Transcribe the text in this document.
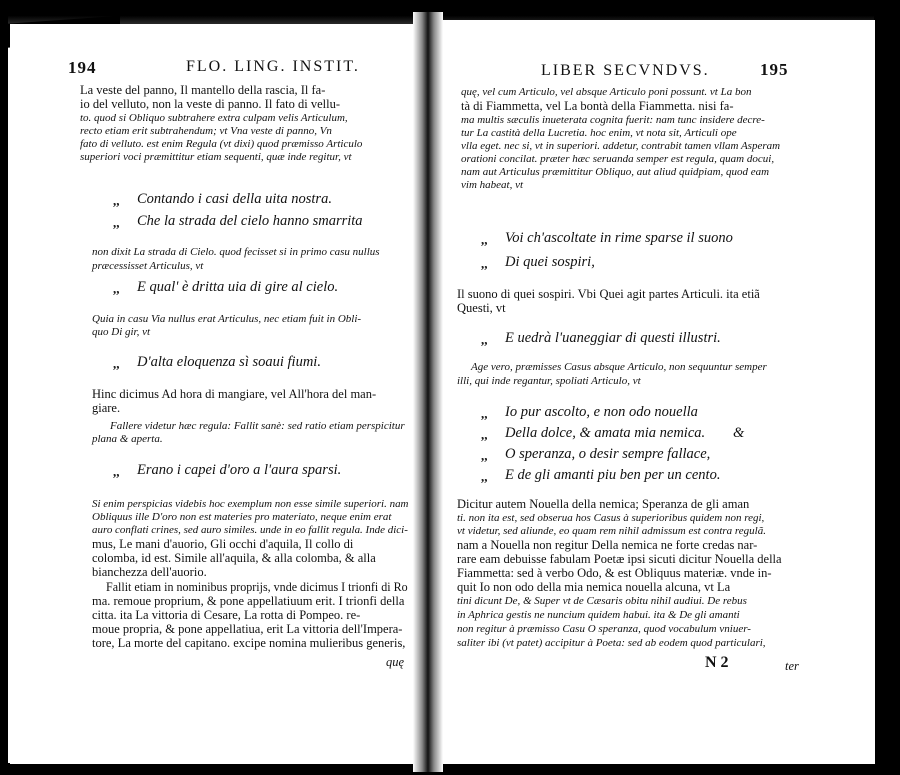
194	FLO. LING. INSTIT.
La veste del panno, Il mantello della rascia, Il fa-
io del velluto, non la veste di panno. Il fato di vellu-
to. quod si Obliquo subtrahere extra culpam velis Articulum,
recto etiam erit subtrahendum; vt Vna veste di panno, Vn
fato di velluto. est enim Regula (vt dixi) quod præmisso Articulo
superiori voci præmittitur etiam sequenti, quæ inde regitur, vt
,, Contando i casi della uita nostra.
,, Che la strada del cielo hanno smarrita
non dixit La strada di Cielo. quod fecisset si in primo casu nullus
præcessisset Articulus, vt
,, E qual' è dritta uia di gire al cielo.
Quia in casu Via nullus erat Articulus, nec etiam fuit in Obli-
quo Di gir, vt
,, D'alta eloquenza sì soaui fiumi.
Hinc dicimus Ad hora di mangiare, vel All'hora del man-
giare.
Fallere videtur hæc regula: Fallit sanè: sed ratio etiam perspicitur
plana & aperta.
,, Erano i capei d'oro a l'aura sparsi.
Si enim perspicias videbis hoc exemplum non esse simile superiori. nam
Obliquus ille D'oro non est materies pro materiato, neque enim erat
auro conflati crines, sed auro similes. unde in eo fallit regula. Inde dici-
mus, Le mani d'auorio, Gli occhi d'aquila, Il collo di
colomba, id est. Simile all'aquila, & alla colomba, & alla
bianchezza dell'auorio.
Fallit etiam in nominibus proprijs, vnde dicimus I trionfi di Ro
ma. remoue proprium, & pone appellatiuum erit. I trionfi della
citta. ita La vittoria di Cesare, La rotta di Pompeo. re-
moue propria, & pone appellatiua, erit La vittoria dell'Impera-
tore, La morte del capitano. excipe nomina mulieribus generis,
quę
LIBER SECVNDVS.	195
quę, vel cum Articulo, vel absque Articulo poni possunt. vt La bon
tà di Fiammetta, vel La bontà della Fiammetta. nisi fa-
ma multis sæculis inueterata cognita fuerit: nam tunc insidere decre-
tur La castità della Lucretia. hoc enim, vt nota sit, Articuli ope
vlla eget. nec si, vt in superiori. addetur, contrabit tamen vllam Asperam
orationi concilat. præter hæc seruanda semper est regula, quam docui,
nam aut Articulus præmittitur Obliquo, aut aliud quidpiam, quod eam
vim habeat, vt
,, Voi ch'ascoltate in rime sparse il suono
,, Di quei sospiri,
Il suono di quei sospiri. Vbi Quei agit partes Articuli. ita etiã
Questi, vt
,, E uedrà l'uaneggiar di questi illustri.
Age vero, præmisses Casus absque Articulo, non sequuntur semper
illi, qui inde regantur, spoliati Articulo, vt
,, Io pur ascolto, e non odo nouella
,, Della dolce, & amata mia nemica. &
,, O speranza, o desir sempre fallace,
,, E de gli amanti piu ben per un cento.
Dicitur autem Nouella della nemica; Speranza de gli aman
ti. non ita est, sed obserua hos Casus à superioribus quidem non regi,
vt videtur, sed aliunde, eo quam rem nihil admissum est contra regulã.
nam a Nouella non regitur Della nemica ne forte credas nar-
rare eam debuisse fabulam Poetæ ipsi sicuti dicitur Nouella della
Fiammetta: sed à verbo Odo, & est Obliquus materiæ. vnde in-
quit Io non odo della mia nemica nouella alcuna, vt La
tini dicunt De, & Super vt de Cæsaris obitu nihil audiui. De rebus
in Aphrica gestis ne nuncium quidem habui. ita & De gli amanti
non regitur à præmisso Casu O speranza, quod vocabulum vniuer-
saliter ibi (vt patet) accipitur à Poeta: sed ab eodem quod particulari,
N 2	ter
